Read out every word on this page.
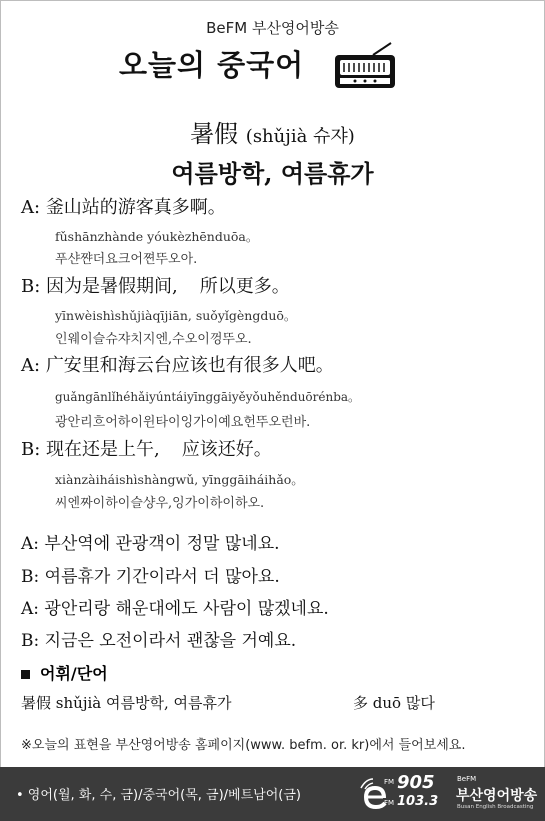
BeFM 부산영어방송
오늘의 중국어
暑假 (shǔjià 슈쟈)
여름방학, 여름휴가
A: 釜山站的游客真多啊。
fǔshānzhànde yóukèzhēnduōa。
푸샨쨘더요크어쪈뚜오아.
B: 因为是暑假期间, 所以更多。
yīnwèishìshǔjiàqījiān, suǒyǐgèngduō。
인웨이슬슈쟈치지엔,수오이껑뚜오.
A: 广安里和海云台应该也有很多人吧。
guǎngānlǐhéhǎiyúntáiyīnggāiyěyǒuhěnduōrénba。
광안리흐어하이윈타이잉가이예요헌뚜오런바.
B: 现在还是上午, 应该还好。
xiànzàiháishìshàngwǔ, yīnggāiháihǎo。
씨엔짜이하이슬샹우,잉가이하이하오.
A: 부산역에 관광객이 정말 많네요.
B: 여름휴가 기간이라서 더 많아요.
A: 광안리랑 해운대에도 사람이 많겠네요.
B: 지금은 오전이라서 괜찮을 거예요.
어휘/단어
暑假 shǔjià 여름방학, 여름휴가	多 duō 많다
※오늘의 표현을 부산영어방송 홈페이지(www. befm. or. kr)에서 들어보세요.
• 영어(월, 화, 수, 금)/중국어(목, 금)/베트남어(금)
FM 905
FM 103.3
BeFM
부산영어방송
Busan English Broadcasting
